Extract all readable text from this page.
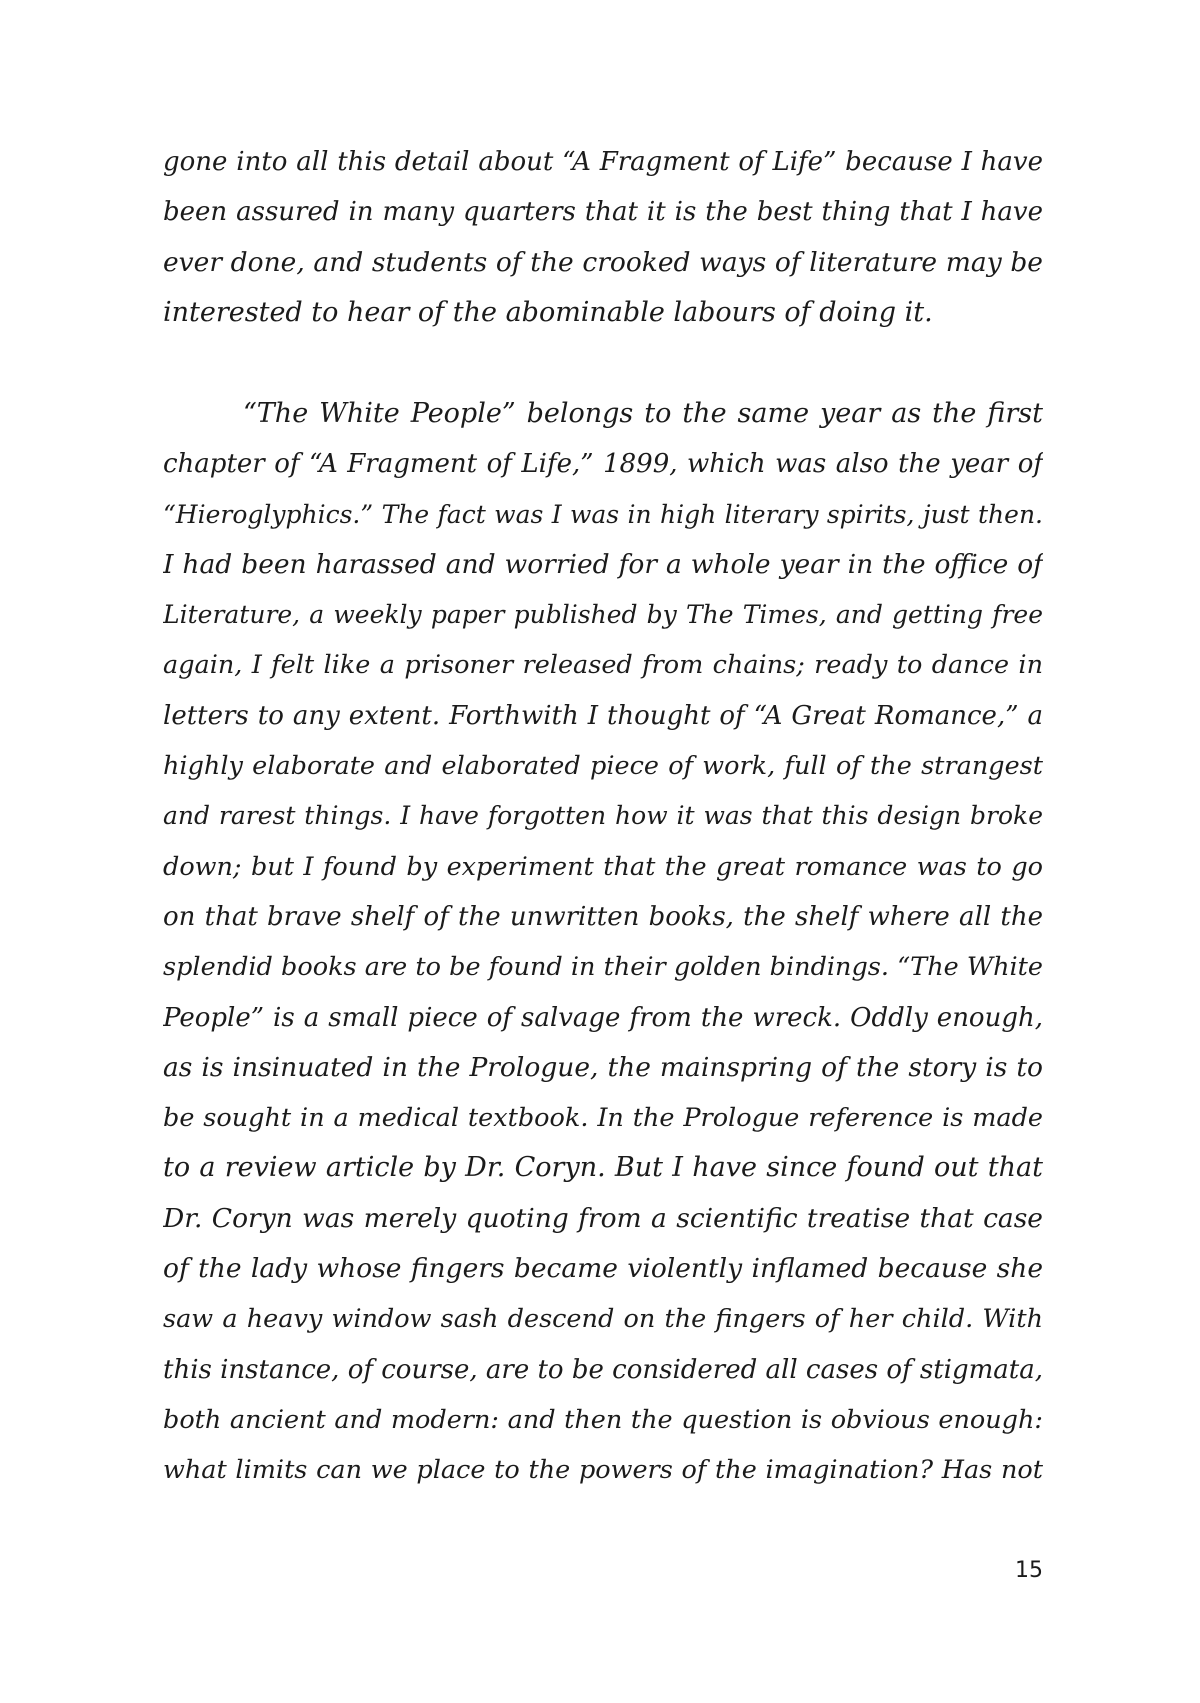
gone into all this detail about “A Fragment of Life” because I have
been assured in many quarters that it is the best thing that I have
ever done, and students of the crooked ways of literature may be
interested to hear of the abominable labours of doing it.
“The White People” belongs to the same year as the first
chapter of “A Fragment of Life,” 1899, which was also the year of
“Hieroglyphics.” The fact was I was in high literary spirits, just then.
I had been harassed and worried for a whole year in the office of
Literature, a weekly paper published by The Times, and getting free
again, I felt like a prisoner released from chains; ready to dance in
letters to any extent. Forthwith I thought of “A Great Romance,” a
highly elaborate and elaborated piece of work, full of the strangest
and rarest things. I have forgotten how it was that this design broke
down; but I found by experiment that the great romance was to go
on that brave shelf of the unwritten books, the shelf where all the
splendid books are to be found in their golden bindings. “The White
People” is a small piece of salvage from the wreck. Oddly enough,
as is insinuated in the Prologue, the mainspring of the story is to
be sought in a medical textbook. In the Prologue reference is made
to a review article by Dr. Coryn. But I have since found out that
Dr. Coryn was merely quoting from a scientific treatise that case
of the lady whose fingers became violently inflamed because she
saw a heavy window sash descend on the fingers of her child. With
this instance, of course, are to be considered all cases of stigmata,
both ancient and modern: and then the question is obvious enough:
what limits can we place to the powers of the imagination? Has not
15
